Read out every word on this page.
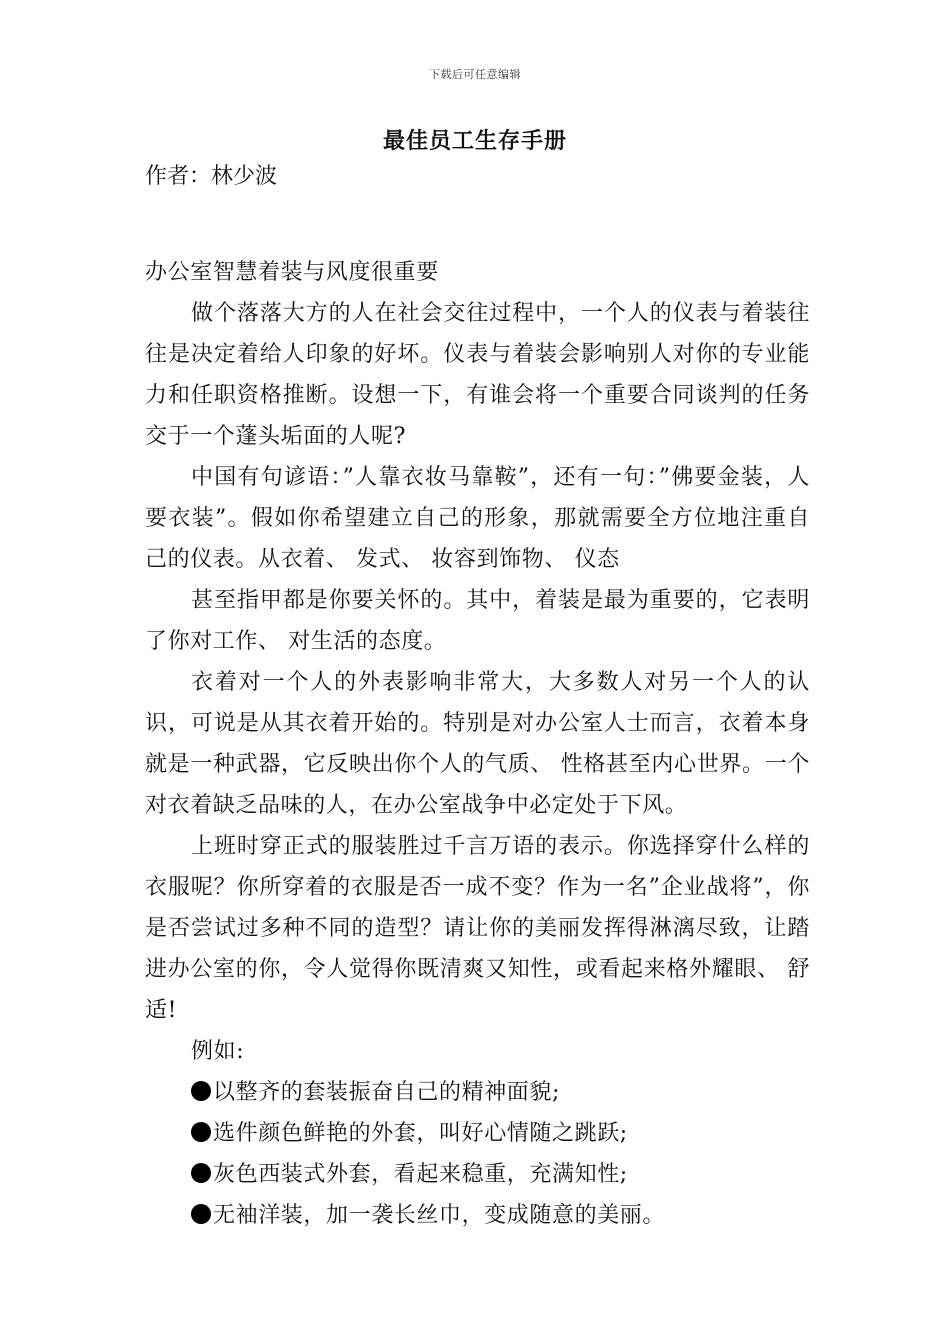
下载后可任意编辑
最佳员工生存手册
作者：林少波

办公室智慧着装与风度很重要

做个落落大方的人在社会交往过程中，一个人的仪表与着装往往是决定着给人印象的好坏。仪表与着装会影响别人对你的专业能力和任职资格推断。设想一下，有谁会将一个重要合同谈判的任务交于一个蓬头垢面的人呢?

中国有句谚语：”人靠衣妆马靠鞍”，还有一句：”佛要金装，人要衣装”。假如你希望建立自己的形象，那就需要全方位地注重自己的仪表。从衣着、 发式、 妆容到饰物、 仪态

甚至指甲都是你要关怀的。其中，着装是最为重要的，它表明了你对工作、 对生活的态度。

衣着对一个人的外表影响非常大，大多数人对另一个人的认识，可说是从其衣着开始的。特别是对办公室人士而言，衣着本身就是一种武器，它反映出你个人的气质、 性格甚至内心世界。一个对衣着缺乏品味的人，在办公室战争中必定处于下风。

上班时穿正式的服装胜过千言万语的表示。你选择穿什么样的衣服呢？你所穿着的衣服是否一成不变？作为一名”企业战将”，你是否尝试过多种不同的造型？请让你的美丽发挥得淋漓尽致，让踏进办公室的你，令人觉得你既清爽又知性，或看起来格外耀眼、 舒适!

例如:

以整齐的套装振奋自己的精神面貌;

选件颜色鲜艳的外套，叫好心情随之跳跃;

灰色西装式外套，看起来稳重，充满知性;

无袖洋装，加一袭长丝巾，变成随意的美丽。
